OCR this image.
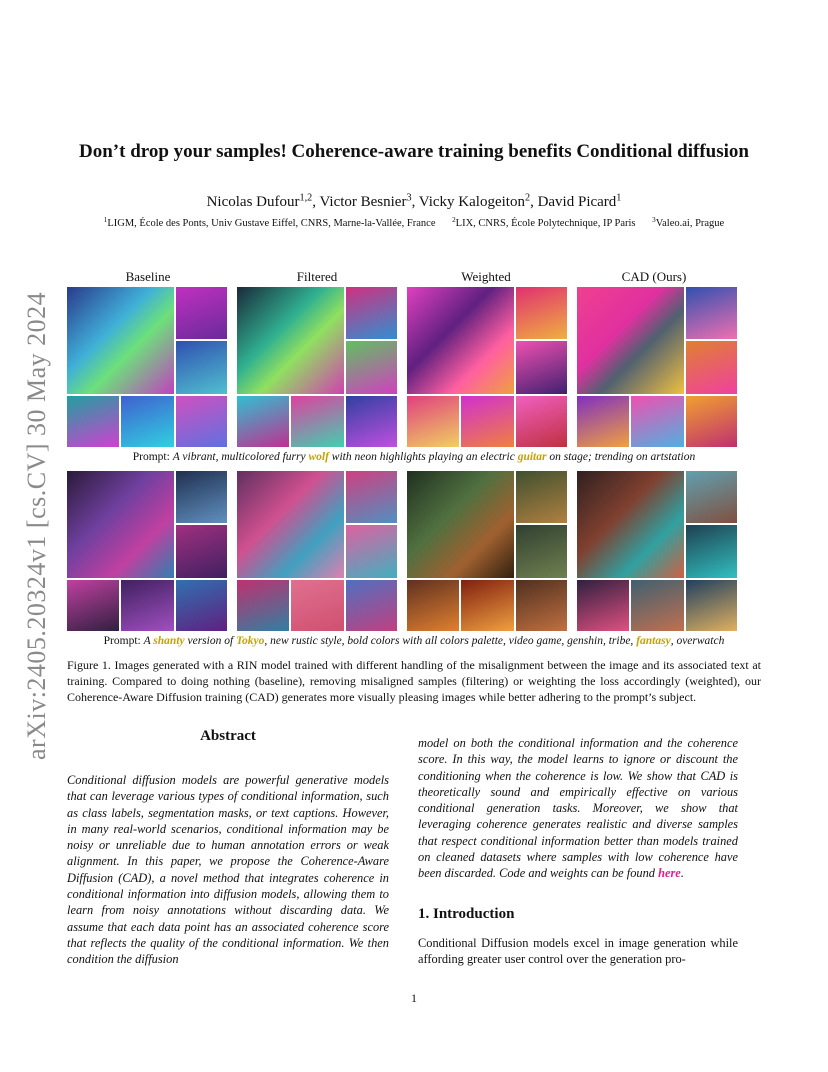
arXiv:2405.20324v1 [cs.CV] 30 May 2024
Don’t drop your samples! Coherence-aware training benefits Conditional diffusion
Nicolas Dufour$^{1,2}$, Victor Besnier$^3$, Vicky Kalogeiton$^2$, David Picard$^1$
$^1$LIGM, École des Ponts, Univ Gustave Eiffel, CNRS, Marne-la-Vallée, France $^2$LIX, CNRS, École Polytechnique, IP Paris $^3$Valeo.ai, Prague
Baseline	Filtered	Weighted	CAD (Ours)
Prompt: A vibrant, multicolored furry wolf with neon highlights playing an electric guitar on stage; trending on artstation
Prompt: A shanty version of Tokyo, new rustic style, bold colors with all colors palette, video game, genshin, tribe, fantasy, overwatch
Figure 1. Images generated with a RIN model trained with different handling of the misalignment between the image and its associated text at training. Compared to doing nothing (baseline), removing misaligned samples (filtering) or weighting the loss accordingly (weighted), our Coherence-Aware Diffusion training (CAD) generates more visually pleasing images while better adhering to the prompt’s subject.
Abstract
Conditional diffusion models are powerful generative models that can leverage various types of conditional information, such as class labels, segmentation masks, or text captions. However, in many real-world scenarios, conditional information may be noisy or unreliable due to human annotation errors or weak alignment. In this paper, we propose the Coherence-Aware Diffusion (CAD), a novel method that integrates coherence in conditional information into diffusion models, allowing them to learn from noisy annotations without discarding data. We assume that each data point has an associated coherence score that reflects the quality of the conditional information. We then condition the diffusion
model on both the conditional information and the coherence score. In this way, the model learns to ignore or discount the conditioning when the coherence is low. We show that CAD is theoretically sound and empirically effective on various conditional generation tasks. Moreover, we show that leveraging coherence generates realistic and diverse samples that respect conditional information better than models trained on cleaned datasets where samples with low coherence have been discarded. Code and weights can be found here.
1. Introduction
Conditional Diffusion models excel in image generation while affording greater user control over the generation pro-
1
